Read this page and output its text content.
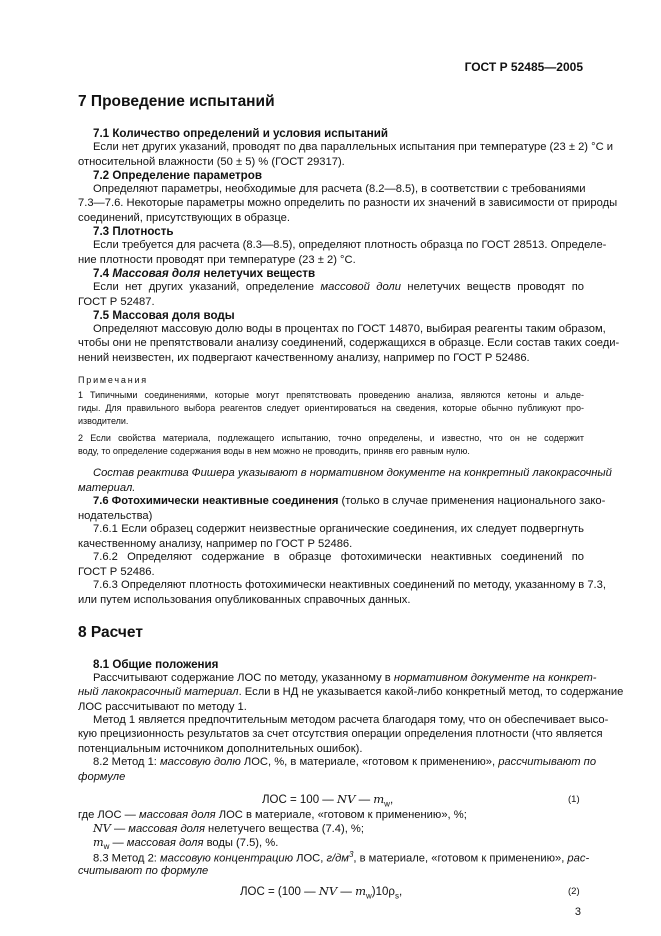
ГОСТ Р 52485—2005
7 Проведение испытаний
7.1 Количество определений и условия испытаний
Если нет других указаний, проводят по два параллельных испытания при температуре (23 ± 2) °С и
относительной влажности (50 ± 5) % (ГОСТ 29317).
7.2 Определение параметров
Определяют параметры, необходимые для расчета (8.2—8.5), в соответствии с требованиями
7.3—7.6. Некоторые параметры можно определить по разности их значений в зависимости от природы
соединений, присутствующих в образце.
7.3 Плотность
Если требуется для расчета (8.3—8.5), определяют плотность образца по ГОСТ 28513. Определе-
ние плотности проводят при температуре (23 ± 2) °С.
7.4 Массовая доля нелетучих веществ
Если нет других указаний, определение массовой доли нелетучих веществ проводят по
ГОСТ Р 52487.
7.5 Массовая доля воды
Определяют массовую долю воды в процентах по ГОСТ 14870, выбирая реагенты таким образом,
чтобы они не препятствовали анализу соединений, содержащихся в образце. Если состав таких соеди-
нений неизвестен, их подвергают качественному анализу, например по ГОСТ Р 52486.
Примечания
1 Типичными соединениями, которые могут препятствовать проведению анализа, являются кетоны и альде-
гиды. Для правильного выбора реагентов следует ориентироваться на сведения, которые обычно публикуют про-
изводители.
2 Если свойства материала, подлежащего испытанию, точно определены, и известно, что он не содержит
воду, то определение содержания воды в нем можно не проводить, приняв его равным нулю.
Состав реактива Фишера указывают в нормативном документе на конкретный лакокрасочный
материал.
7.6 Фотохимически неактивные соединения (только в случае применения национального зако-
нодательства)
7.6.1 Если образец содержит неизвестные органические соединения, их следует подвергнуть
качественному анализу, например по ГОСТ Р 52486.
7.6.2 Определяют содержание в образце фотохимически неактивных соединений по
ГОСТ Р 52486.
7.6.3 Определяют плотность фотохимически неактивных соединений по методу, указанному в 7.3,
или путем использования опубликованных справочных данных.
8 Расчет
8.1 Общие положения
Рассчитывают содержание ЛОС по методу, указанному в нормативном документе на конкрет-
ный лакокрасочный материал. Если в НД не указывается какой-либо конкретный метод, то содержание
ЛОС рассчитывают по методу 1.
Метод 1 является предпочтительным методом расчета благодаря тому, что он обеспечивает высо-
кую прецизионность результатов за счет отсутствия операции определения плотности (что является
потенциальным источником дополнительных ошибок).
8.2 Метод 1: массовую долю ЛОС, %, в материале, «готовом к применению», рассчитывают по
формуле
ЛОС = 100 — NV — $m_w$,	(1)
где ЛОС — массовая доля ЛОС в материале, «готовом к применению», %;
NV — массовая доля нелетучего вещества (7.4), %;
$m_w$ — массовая доля воды (7.5), %.
8.3 Метод 2: массовую концентрацию ЛОС, $г/дм^3$, в материале, «готовом к применению», рас-
считывают по формуле
ЛОС = (100 — NV — $m_w)10\rho_s$,	(2)
3
